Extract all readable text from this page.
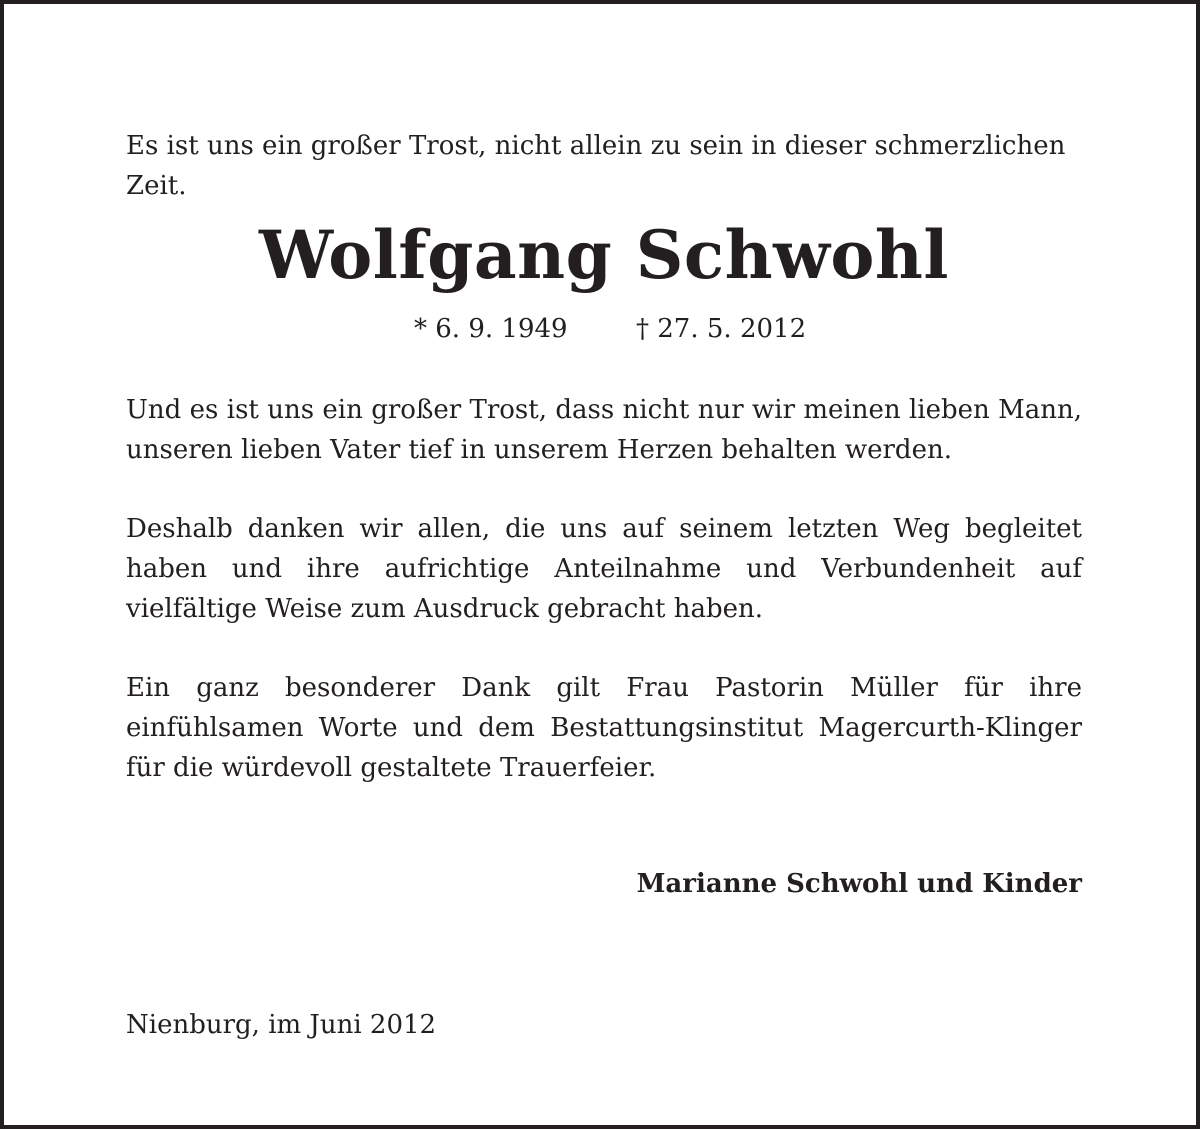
Es ist uns ein großer Trost, nicht allein zu sein in dieser schmerzlichen Zeit.

Wolfgang Schwohl
* 6. 9. 1949	† 27. 5. 2012

Und es ist uns ein großer Trost, dass nicht nur wir meinen lieben Mann, unseren lieben Vater tief in unserem Herzen behalten werden.

Deshalb danken wir allen, die uns auf seinem letzten Weg begleitet haben und ihre aufrichtige Anteilnahme und Verbundenheit auf vielfältige Weise zum Ausdruck gebracht haben.

Ein ganz besonderer Dank gilt Frau Pastorin Müller für ihre einfühlsamen Worte und dem Bestattungsinstitut Magercurth-Klinger für die würdevoll gestaltete Trauerfeier.

Marianne Schwohl und Kinder
Nienburg, im Juni 2012
